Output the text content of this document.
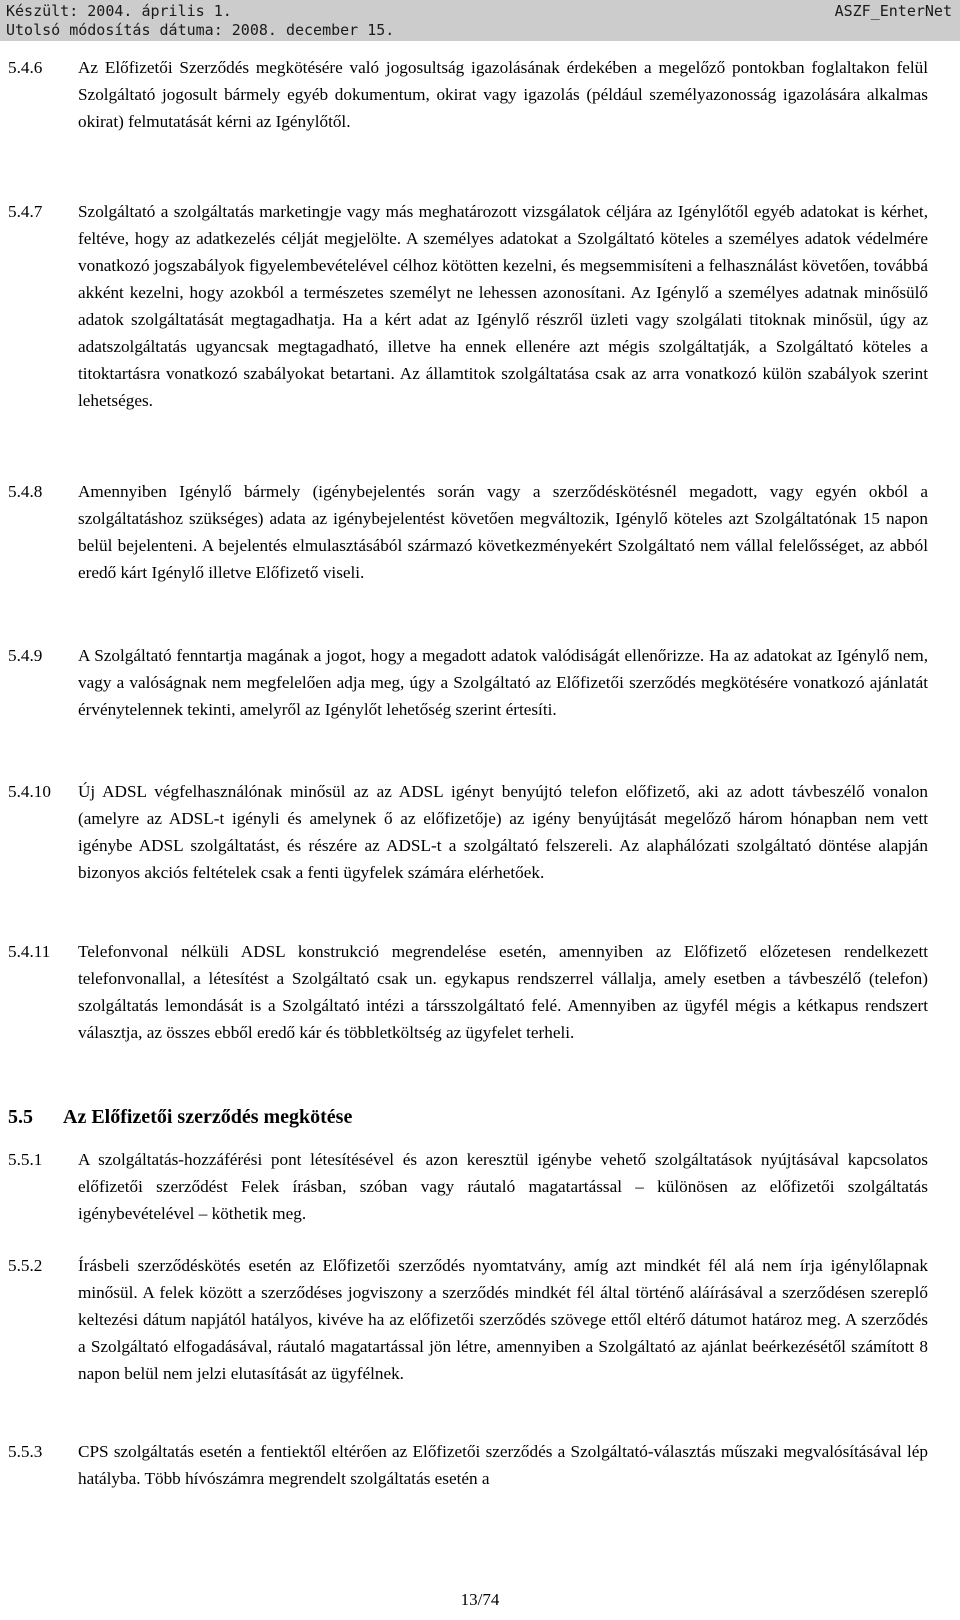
Készült: 2004. április 1.
Utolsó módosítás dátuma: 2008. december 15.
ASZF_EnterNet
5.4.6 Az Előfizetői Szerződés megkötésére való jogosultság igazolásának érdekében a megelőző pontokban foglaltakon felül Szolgáltató jogosult bármely egyéb dokumentum, okirat vagy igazolás (például személyazonosság igazolására alkalmas okirat) felmutatását kérni az Igénylőtől.
5.4.7 Szolgáltató a szolgáltatás marketingje vagy más meghatározott vizsgálatok céljára az Igénylőtől egyéb adatokat is kérhet, feltéve, hogy az adatkezelés célját megjelölte. A személyes adatokat a Szolgáltató köteles a személyes adatok védelmére vonatkozó jogszabályok figyelembevételével célhoz kötötten kezelni, és megsemmisíteni a felhasználást követően, továbbá akként kezelni, hogy azokból a természetes személyt ne lehessen azonosítani. Az Igénylő a személyes adatnak minősülő adatok szolgáltatását megtagadhatja. Ha a kért adat az Igénylő részről üzleti vagy szolgálati titoknak minősül, úgy az adatszolgáltatás ugyancsak megtagadható, illetve ha ennek ellenére azt mégis szolgáltatják, a Szolgáltató köteles a titoktartásra vonatkozó szabályokat betartani. Az államtitok szolgáltatása csak az arra vonatkozó külön szabályok szerint lehetséges.
5.4.8 Amennyiben Igénylő bármely (igénybejelentés során vagy a szerződéskötésnél megadott, vagy egyén okból a szolgáltatáshoz szükséges) adata az igénybejelentést követően megváltozik, Igénylő köteles azt Szolgáltatónak 15 napon belül bejelenteni. A bejelentés elmulasztásából származó következményekért Szolgáltató nem vállal felelősséget, az abból eredő kárt Igénylő illetve Előfizető viseli.
5.4.9 A Szolgáltató fenntartja magának a jogot, hogy a megadott adatok valódiságát ellenőrizze. Ha az adatokat az Igénylő nem, vagy a valóságnak nem megfelelően adja meg, úgy a Szolgáltató az Előfizetői szerződés megkötésére vonatkozó ajánlatát érvénytelennek tekinti, amelyről az Igénylőt lehetőség szerint értesíti.
5.4.10 Új ADSL végfelhasználónak minősül az az ADSL igényt benyújtó telefon előfizető, aki az adott távbeszélő vonalon (amelyre az ADSL-t igényli és amelynek ő az előfizetője) az igény benyújtását megelőző három hónapban nem vett igénybe ADSL szolgáltatást, és részére az ADSL-t a szolgáltató felszereli. Az alaphálózati szolgáltató döntése alapján bizonyos akciós feltételek csak a fenti ügyfelek számára elérhetőek.
5.4.11 Telefonvonal nélküli ADSL konstrukció megrendelése esetén, amennyiben az Előfizető előzetesen rendelkezett telefonvonallal, a létesítést a Szolgáltató csak un. egykapus rendszerrel vállalja, amely esetben a távbeszélő (telefon) szolgáltatás lemondását is a Szolgáltató intézi a társszolgáltató felé. Amennyiben az ügyfél mégis a kétkapus rendszert választja, az összes ebből eredő kár és többletköltség az ügyfelet terheli.
5.5 Az Előfizetői szerződés megkötése
5.5.1 A szolgáltatás-hozzáférési pont létesítésével és azon keresztül igénybe vehető szolgáltatások nyújtásával kapcsolatos előfizetői szerződést Felek írásban, szóban vagy ráutaló magatartással – különösen az előfizetői szolgáltatás igénybevételével – köthetik meg.
5.5.2 Írásbeli szerződéskötés esetén az Előfizetői szerződés nyomtatvány, amíg azt mindkét fél alá nem írja igénylőlapnak minősül. A felek között a szerződéses jogviszony a szerződés mindkét fél által történő aláírásával a szerződésen szereplő keltezési dátum napjától hatályos, kivéve ha az előfizetői szerződés szövege ettől eltérő dátumot határoz meg. A szerződés a Szolgáltató elfogadásával, ráutaló magatartással jön létre, amennyiben a Szolgáltató az ajánlat beérkezésétől számított 8 napon belül nem jelzi elutasítását az ügyfélnek.
5.5.3 CPS szolgáltatás esetén a fentiektől eltérően az Előfizetői szerződés a Szolgáltató-választás műszaki megvalósításával lép hatályba. Több hívószámra megrendelt szolgáltatás esetén a
13/74
